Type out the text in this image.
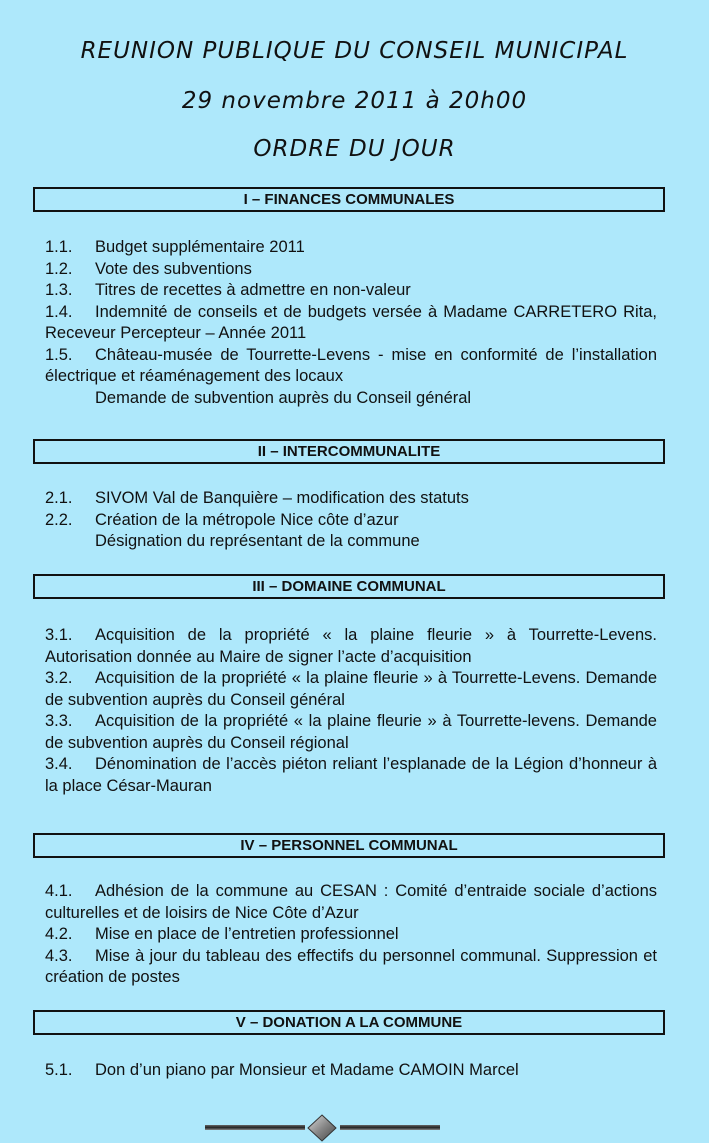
REUNION PUBLIQUE DU CONSEIL MUNICIPAL
29 novembre 2011 à 20h00
ORDRE DU JOUR
I – FINANCES COMMUNALES

1.1. Budget supplémentaire 2011

1.2. Vote des subventions

1.3. Titres de recettes à admettre en non-valeur

1.4. Indemnité de conseils et de budgets versée à Madame CARRETERO Rita, Receveur Percepteur – Année 2011

1.5. Château-musée de Tourrette-Levens - mise en conformité de l’installation électrique et réaménagement des locaux

Demande de subvention auprès du Conseil général

II – INTERCOMMUNALITE

2.1. SIVOM Val de Banquière – modification des statuts

2.2. Création de la métropole Nice côte d’azur

Désignation du représentant de la commune

III – DOMAINE COMMUNAL

3.1. Acquisition de la propriété « la plaine fleurie » à Tourrette-Levens. Autorisation donnée au Maire de signer l’acte d’acquisition

3.2. Acquisition de la propriété « la plaine fleurie » à Tourrette-Levens. Demande de subvention auprès du Conseil général

3.3. Acquisition de la propriété « la plaine fleurie » à Tourrette-levens. Demande de subvention auprès du Conseil régional

3.4. Dénomination de l’accès piéton reliant l’esplanade de la Légion d’honneur à la place César-Mauran

IV – PERSONNEL COMMUNAL

4.1. Adhésion de la commune au CESAN : Comité d’entraide sociale d’actions culturelles et de loisirs de Nice Côte d’Azur

4.2. Mise en place de l’entretien professionnel

4.3. Mise à jour du tableau des effectifs du personnel communal. Suppression et création de postes

V – DONATION A LA COMMUNE

5.1. Don d’un piano par Monsieur et Madame CAMOIN Marcel
